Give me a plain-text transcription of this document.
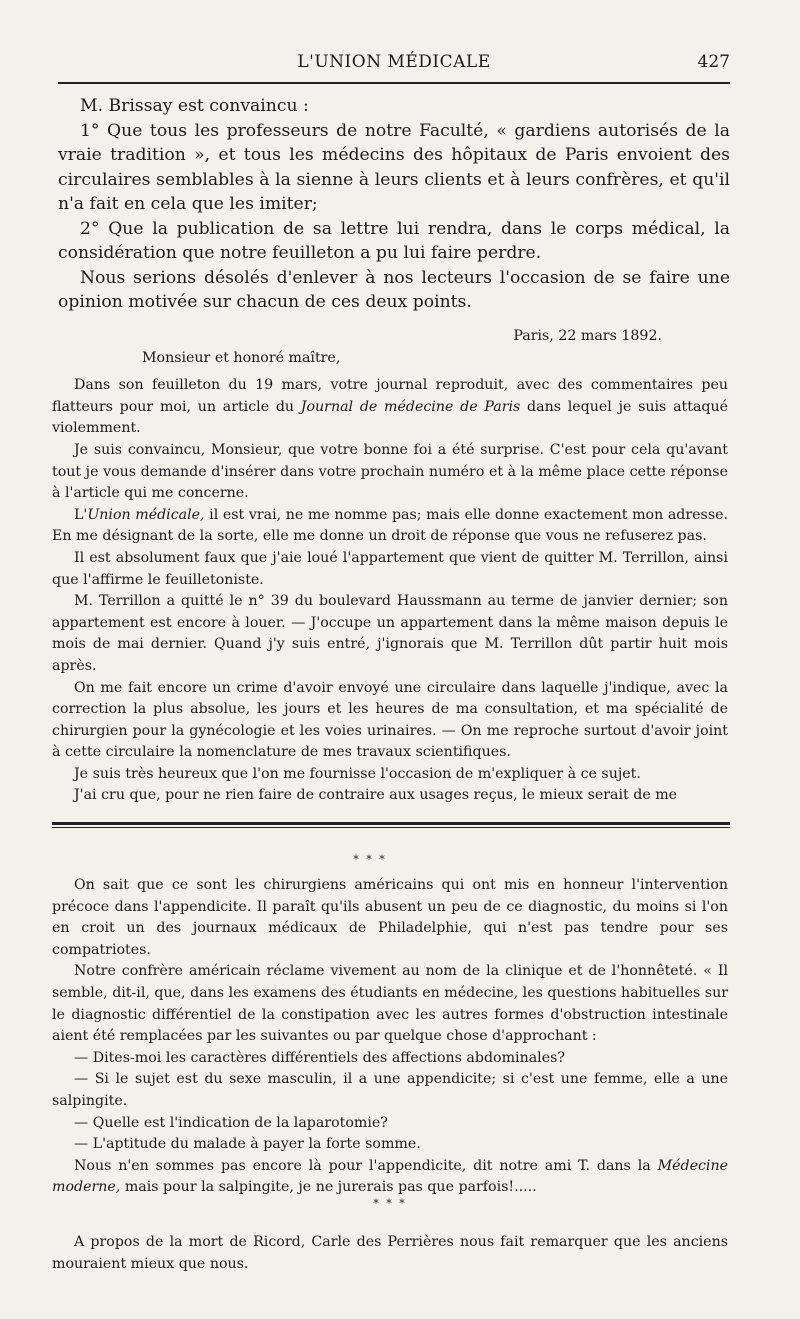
L'UNION MÉDICALE	427

M. Brissay est convaincu :

1° Que tous les professeurs de notre Faculté, « gardiens autorisés de la vraie tradition », et tous les médecins des hôpitaux de Paris envoient des circulaires semblables à la sienne à leurs clients et à leurs confrères, et qu'il n'a fait en cela que les imiter;

2° Que la publication de sa lettre lui rendra, dans le corps médical, la considération que notre feuilleton a pu lui faire perdre.

Nous serions désolés d'enlever à nos lecteurs l'occasion de se faire une opinion motivée sur chacun de ces deux points.

Paris, 22 mars 1892.

Monsieur et honoré maître,

Dans son feuilleton du 19 mars, votre journal reproduit, avec des commentaires peu flatteurs pour moi, un article du Journal de médecine de Paris dans lequel je suis attaqué violemment.

Je suis convaincu, Monsieur, que votre bonne foi a été surprise. C'est pour cela qu'avant tout je vous demande d'insérer dans votre prochain numéro et à la même place cette réponse à l'article qui me concerne.

L'Union médicale, il est vrai, ne me nomme pas; mais elle donne exactement mon adresse. En me désignant de la sorte, elle me donne un droit de réponse que vous ne refuserez pas.

Il est absolument faux que j'aie loué l'appartement que vient de quitter M. Terrillon, ainsi que l'affirme le feuilletoniste.

M. Terrillon a quitté le n° 39 du boulevard Haussmann au terme de janvier dernier; son appartement est encore à louer. — J'occupe un appartement dans la même maison depuis le mois de mai dernier. Quand j'y suis entré, j'ignorais que M. Terrillon dût partir huit mois après.

On me fait encore un crime d'avoir envoyé une circulaire dans laquelle j'indique, avec la correction la plus absolue, les jours et les heures de ma consultation, et ma spécialité de chirurgien pour la gynécologie et les voies urinaires. — On me reproche surtout d'avoir joint à cette circulaire la nomenclature de mes travaux scientifiques.

Je suis très heureux que l'on me fournisse l'occasion de m'expliquer à ce sujet.

J'ai cru que, pour ne rien faire de contraire aux usages reçus, le mieux serait de me

* * *

On sait que ce sont les chirurgiens américains qui ont mis en honneur l'intervention précoce dans l'appendicite. Il paraît qu'ils abusent un peu de ce diagnostic, du moins si l'on en croit un des journaux médicaux de Philadelphie, qui n'est pas tendre pour ses compatriotes.

Notre confrère américain réclame vivement au nom de la clinique et de l'honnêteté. « Il semble, dit-il, que, dans les examens des étudiants en médecine, les questions habituelles sur le diagnostic différentiel de la constipation avec les autres formes d'obstruction intestinale aient été remplacées par les suivantes ou par quelque chose d'approchant :

— Dites-moi les caractères différentiels des affections abdominales?

— Si le sujet est du sexe masculin, il a une appendicite; si c'est une femme, elle a une salpingite.

— Quelle est l'indication de la laparotomie?

— L'aptitude du malade à payer la forte somme.

Nous n'en sommes pas encore là pour l'appendicite, dit notre ami T. dans la Médecine moderne, mais pour la salpingite, je ne jurerais pas que parfois!.....

* * *

A propos de la mort de Ricord, Carle des Perrières nous fait remarquer que les anciens mouraient mieux que nous.
